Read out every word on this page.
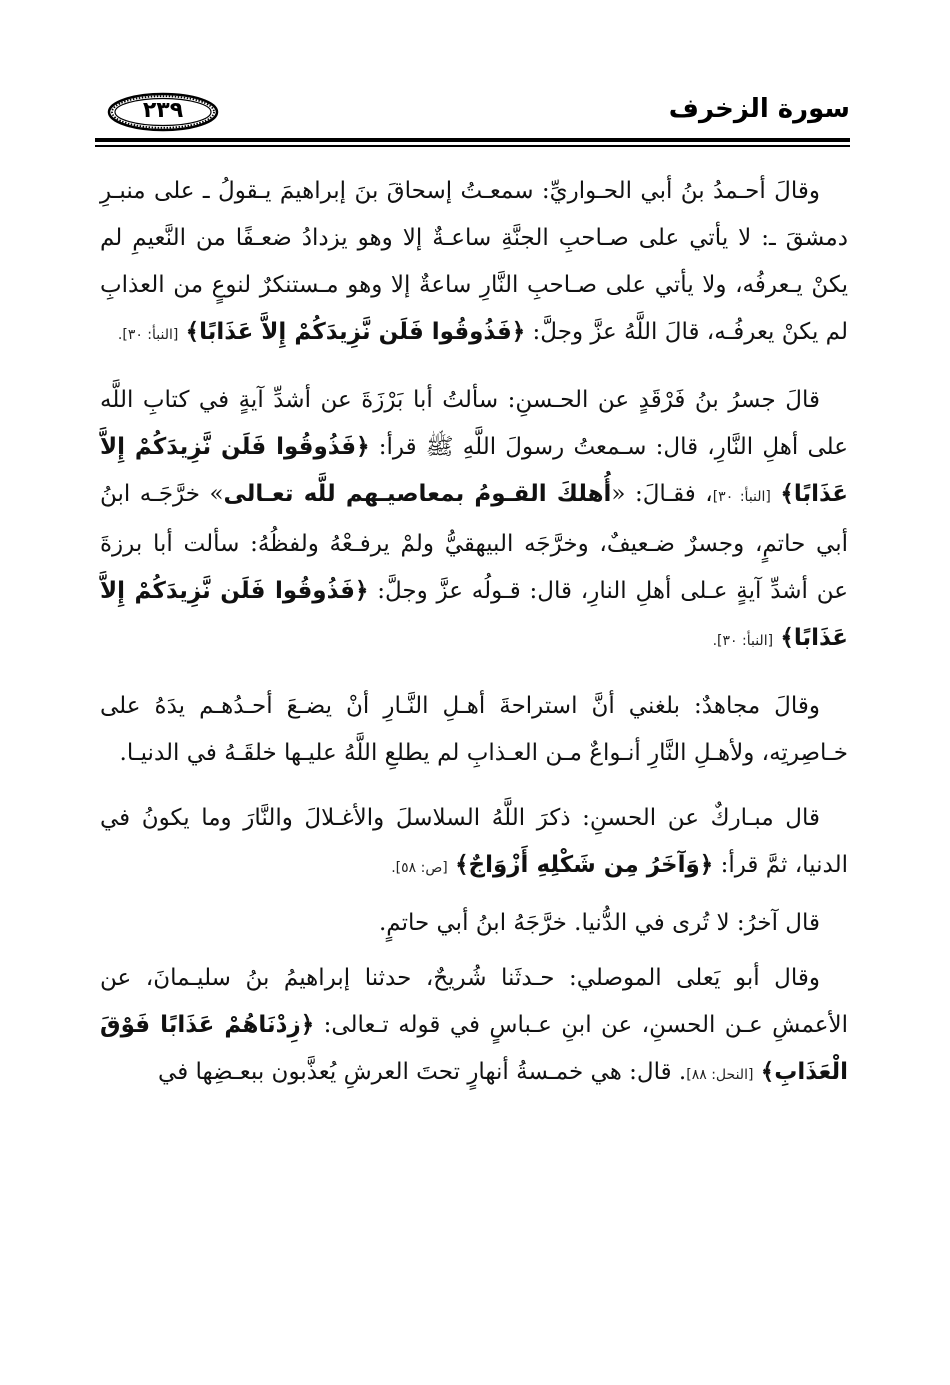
سورة الزخرف
٢٣٩

وقالَ أحـمدُ بنُ أبي الحـواريِّ: سمعـتُ إسحاقَ بنَ إبراهيمَ يـقولُ ـ على منبـرِ دمشقَ ـ: لا يأتي على صـاحبِ الجنَّةِ ساعـةٌ إلا وهو يزدادُ ضعـفًا من النَّعيمِ لم يكنْ يـعرفُه، ولا يأتي على صـاحبِ النَّارِ ساعةٌ إلا وهو مـستنكرٌ لنوعٍ من العذابِ لم يكنْ يعرفُـه، قالَ اللَّهُ عزَّ وجلَّ: ﴿فَذُوقُوا فَلَن نَّزِيدَكُمْ إِلاَّ عَذَابًا﴾ [النبأ: ٣٠].

قالَ جسرُ بنُ فَرْقَدٍ عن الحـسنِ: سألتُ أبا بَرْزَةَ عن أشدِّ آيةٍ في كتابِ اللَّه على أهلِ النَّارِ، قال: سـمعتُ رسولَ اللَّهِ ﷺ قرأ: ﴿فَذُوقُوا فَلَن نَّزِيدَكُمْ إِلاَّ عَذَابًا﴾ [النبأ: ٣٠]، فقـالَ: «أُهلكَ القـومُ بمعاصيـهم للَّه تعـالى» خرَّجَـه ابنُ أبي حاتمٍ، وجسرٌ ضـعيفٌ، وخرَّجَه البيهقيُّ ولمْ يرفـعْهُ ولفظُهُ: سألت أبا برزةَ عن أشدِّ آيةٍ عـلى أهلِ النارِ، قال: قـولُه عزَّ وجلَّ: ﴿فَذُوقُوا فَلَن نَّزِيدَكُمْ إِلاَّ عَذَابًا﴾ [النبأ: ٣٠].

وقالَ مجاهدٌ: بلغني أنَّ استراحةَ أهـلِ النَّـارِ أنْ يضـعَ أحـدُهـم يدَهُ على خـاصِرتِه، ولأهـلِ النَّارِ أنـواعٌ مـن العـذابِ لم يطلعِ اللَّهُ عليـها خلقَـهُ في الدنيـا.

قال مبـاركٌ عن الحسنِ: ذكرَ اللَّهُ السلاسلَ والأغـلالَ والنَّارَ وما يكونُ في الدنيا، ثمَّ قرأ: ﴿وَآخَرُ مِن شَكْلِهِ أَزْوَاجٌ﴾ [ص: ٥٨].

قال آخرُ: لا تُرى في الدُّنيا. خرَّجَهُ ابنُ أبي حاتمٍ.

وقال أبو يَعلى الموصلي: حـدثَنا شُريحٌ، حدثنا إبراهيمُ بنُ سليـمانَ، عن الأعمشِ عـن الحسنِ، عن ابنِ عـباسٍ في قوله تـعالى: ﴿زِدْنَاهُمْ عَذَابًا فَوْقَ الْعَذَابِ﴾ [النحل: ٨٨]. قال: هي خمـسةُ أنهارٍ تحتَ العرشِ يُعذَّبون ببعـضِها في
